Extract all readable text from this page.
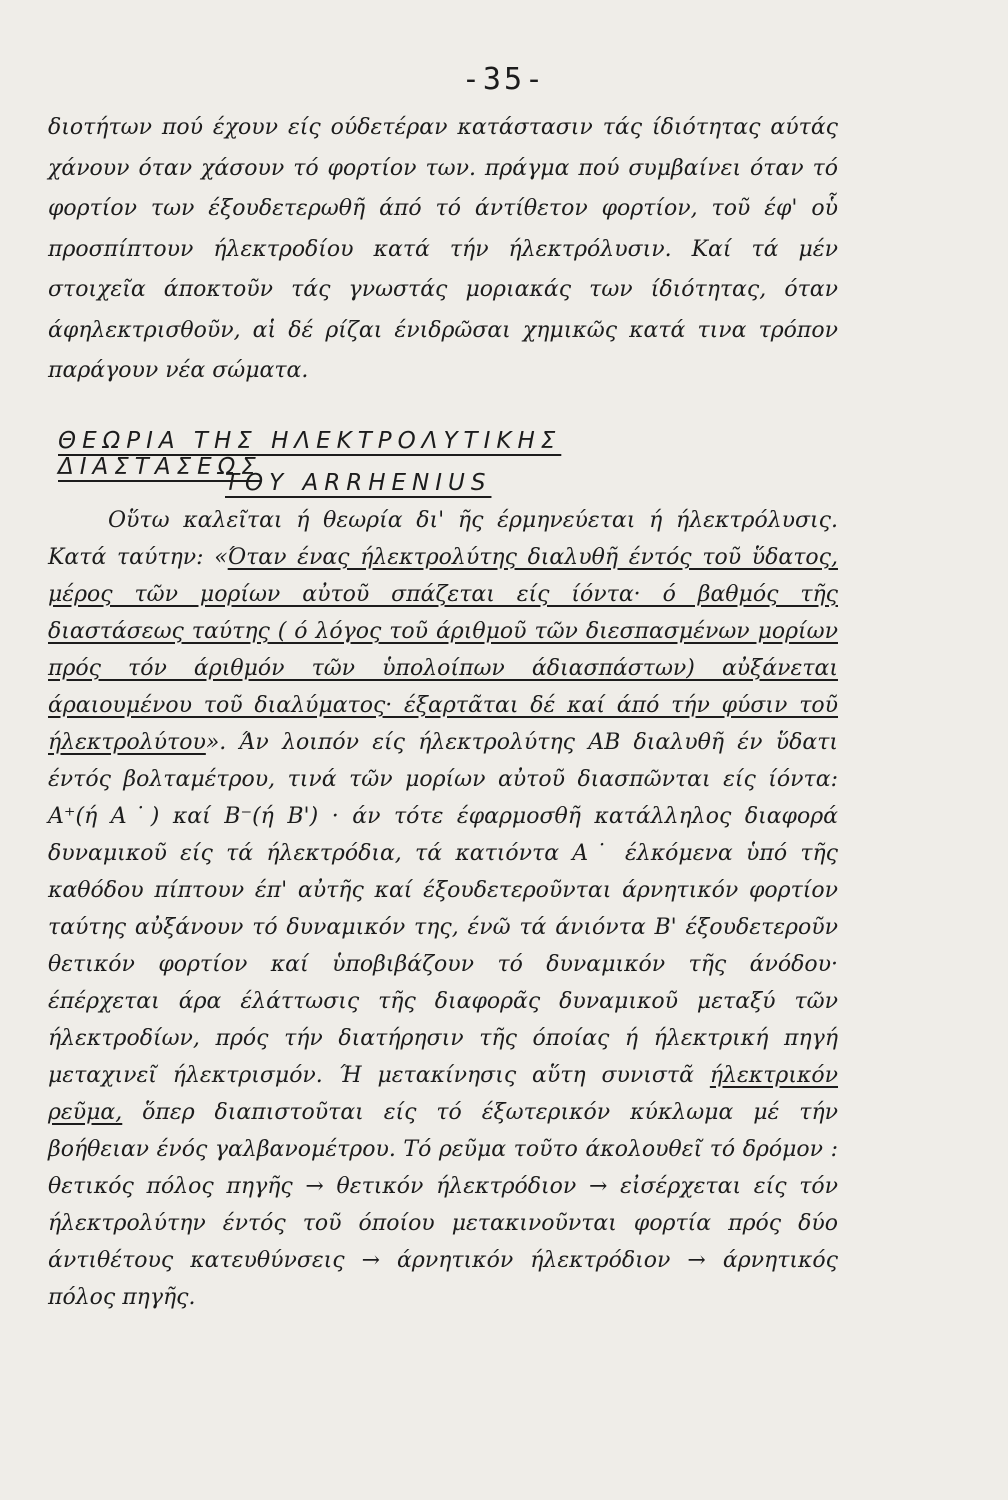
-35-
διοτήτων πού έχουν είς ούδετέραν κατάστασιν τάς ίδιότητας αύτάς χάνουν όταν χάσουν τό φορτίον των. πράγμα πού συμβαίνει όταν τό φορτίον των έξουδετερωθῆ άπό τό άντίθετον φορτίον, τοῦ έφ' οὗ προσπίπτουν ήλεκτροδίου κατά τήν ήλεκτρόλυσιν. Καί τά μέν στοιχεῖα άποκτοῦν τάς γνωστάς μοριακάς των ίδιότητας, όταν άφηλεκτρισθοῦν, αἱ δέ ρίζαι ένιδρῶσαι χημικῶς κατά τινα τρόπον παράγουν νέα σώματα.
ΘΕΩΡΙΑ ΤΗΣ ΗΛΕΚΤΡΟΛΥΤΙΚΗΣ ΔΙΑΣΤΑΣΕΩΣ
ΤΟΥ ARRHENIUS
Οὕτω καλεῖται ή θεωρία δι' ῆς έρμηνεύεται ή ήλεκτρόλυσις. Κατά ταύτην: «Όταν ένας ήλεκτρολύτης διαλυθῆ έντός τοῦ ὕδατος, μέρος τῶν μορίων αὐτοῦ σπάζεται είς ίόντα· ό βαθμός τῆς διαστάσεως ταύτης ( ό λόγος τοῦ άριθμοῦ τῶν διεσπασμένων μορίων πρός τόν άριθμόν τῶν ὑπολοίπων άδιασπάστων) αὐξάνεται άραιουμένου τοῦ διαλύματος· έξαρτᾶται δέ καί άπό τήν φύσιν τοῦ ήλεκτρολύτου». Άν λοιπόν είς ήλεκτρολύτης ΑΒ διαλυθῆ έν ὕδατι έντός βολταμέτρου, τινά τῶν μορίων αὐτοῦ διασπῶνται είς ίόντα: Α⁺(ή Α˙) καί Β⁻(ή Β') · άν τότε έφαρμοσθῆ κατάλληλος διαφορά δυναμικοῦ είς τά ήλεκτρόδια, τά κατιόντα Α˙ έλκόμενα ὑπό τῆς καθόδου πίπτουν έπ' αὐτῆς καί έξουδετεροῦνται άρνητικόν φορτίον ταύτης αὐξάνουν τό δυναμικόν της, ένῶ τά άνιόντα Β' έξουδετεροῦν θετικόν φορτίον καί ὑποβιβάζουν τό δυναμικόν τῆς άνόδου· έπέρχεται άρα έλάττωσις τῆς διαφορᾶς δυναμικοῦ μεταξύ τῶν ήλεκτροδίων, πρός τήν διατήρησιν τῆς όποίας ή ήλεκτρική πηγή μεταχινεῖ ήλεκτρισμόν. Ή μετακίνησις αὕτη συνιστᾶ ήλεκτρικόν ρεῦμα, ὅπερ διαπιστοῦται είς τό έξωτερικόν κύκλωμα μέ τήν βοήθειαν ένός γαλβανομέτρου. Τό ρεῦμα τοῦτο άκολουθεῖ τό δρόμον : θετικός πόλος πηγῆς → θετικόν ήλεκτρόδιον → εἰσέρχεται είς τόν ήλεκτρολύτην έντός τοῦ όποίου μετακινοῦνται φορτία πρός δύο άντιθέτους κατευθύνσεις → άρνητικόν ήλεκτρόδιον → άρνητικός πόλος πηγῆς.
